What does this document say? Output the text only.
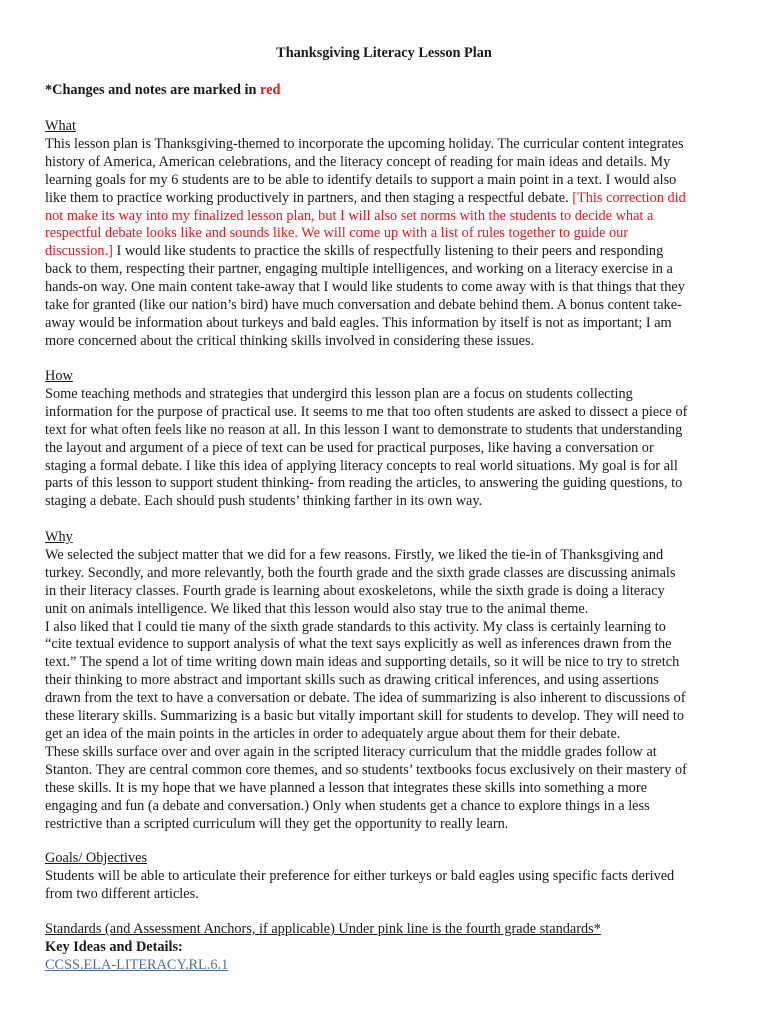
Thanksgiving Literacy Lesson Plan
*Changes and notes are marked in red
What
This lesson plan is Thanksgiving-themed to incorporate the upcoming holiday. The curricular content integrates
history of America, American celebrations, and the literacy concept of reading for main ideas and details. My
learning goals for my 6 students are to be able to identify details to support a main point in a text. I would also
like them to practice working productively in partners, and then staging a respectful debate. [This correction did
not make its way into my finalized lesson plan, but I will also set norms with the students to decide what a
respectful debate looks like and sounds like. We will come up with a list of rules together to guide our
discussion.] I would like students to practice the skills of respectfully listening to their peers and responding
back to them, respecting their partner, engaging multiple intelligences, and working on a literacy exercise in a
hands-on way. One main content take-away that I would like students to come away with is that things that they
take for granted (like our nation’s bird) have much conversation and debate behind them. A bonus content take-
away would be information about turkeys and bald eagles. This information by itself is not as important; I am
more concerned about the critical thinking skills involved in considering these issues.
How
Some teaching methods and strategies that undergird this lesson plan are a focus on students collecting
information for the purpose of practical use. It seems to me that too often students are asked to dissect a piece of
text for what often feels like no reason at all. In this lesson I want to demonstrate to students that understanding
the layout and argument of a piece of text can be used for practical purposes, like having a conversation or
staging a formal debate. I like this idea of applying literacy concepts to real world situations. My goal is for all
parts of this lesson to support student thinking- from reading the articles, to answering the guiding questions, to
staging a debate. Each should push students’ thinking farther in its own way.
Why
We selected the subject matter that we did for a few reasons. Firstly, we liked the tie-in of Thanksgiving and
turkey. Secondly, and more relevantly, both the fourth grade and the sixth grade classes are discussing animals
in their literacy classes. Fourth grade is learning about exoskeletons, while the sixth grade is doing a literacy
unit on animals intelligence. We liked that this lesson would also stay true to the animal theme.
I also liked that I could tie many of the sixth grade standards to this activity. My class is certainly learning to
“cite textual evidence to support analysis of what the text says explicitly as well as inferences drawn from the
text.” The spend a lot of time writing down main ideas and supporting details, so it will be nice to try to stretch
their thinking to more abstract and important skills such as drawing critical inferences, and using assertions
drawn from the text to have a conversation or debate. The idea of summarizing is also inherent to discussions of
these literary skills. Summarizing is a basic but vitally important skill for students to develop. They will need to
get an idea of the main points in the articles in order to adequately argue about them for their debate.
These skills surface over and over again in the scripted literacy curriculum that the middle grades follow at
Stanton. They are central common core themes, and so students’ textbooks focus exclusively on their mastery of
these skills. It is my hope that we have planned a lesson that integrates these skills into something a more
engaging and fun (a debate and conversation.) Only when students get a chance to explore things in a less
restrictive than a scripted curriculum will they get the opportunity to really learn.
Goals/ Objectives
Students will be able to articulate their preference for either turkeys or bald eagles using specific facts derived
from two different articles.
Standards (and Assessment Anchors, if applicable) Under pink line is the fourth grade standards*
Key Ideas and Details:
CCSS.ELA-LITERACY.RL.6.1
